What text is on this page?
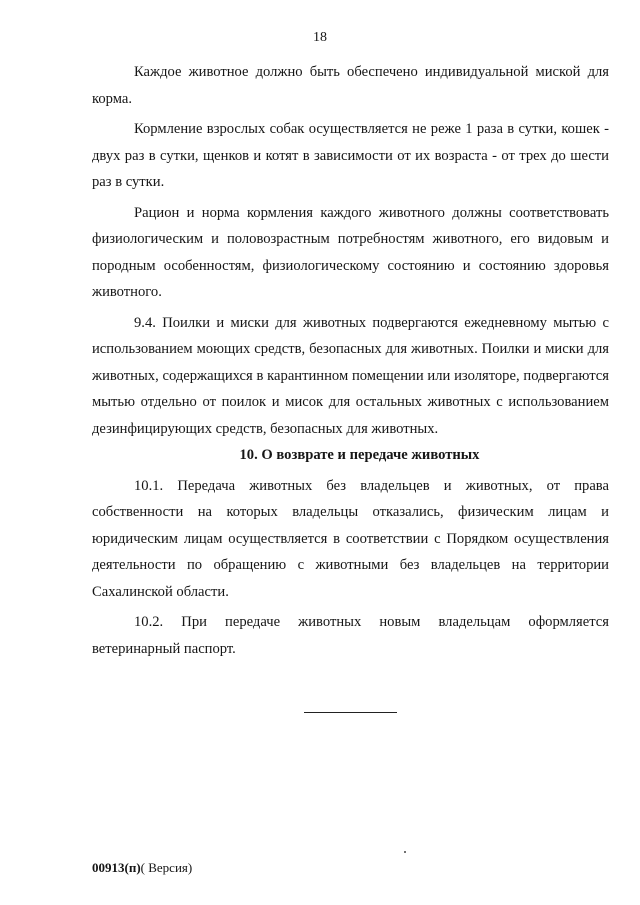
18

Каждое животное должно быть обеспечено индивидуальной миской для корма.

Кормление взрослых собак осуществляется не реже 1 раза в сутки, кошек - двух раз в сутки, щенков и котят в зависимости от их возраста - от трех до шести раз в сутки.

Рацион и норма кормления каждого животного должны соответствовать физиологическим и половозрастным потребностям животного, его видовым и породным особенностям, физиологическому состоянию и состоянию здоровья животного.

9.4. Поилки и миски для животных подвергаются ежедневному мытью с использованием моющих средств, безопасных для животных. Поилки и миски для животных, содержащихся в карантинном помещении или изоляторе, подвергаются мытью отдельно от поилок и мисок для остальных животных с использованием дезинфицирующих средств, безопасных для животных.

10. О возврате и передаче животных

10.1. Передача животных без владельцев и животных, от права собственности на которых владельцы отказались, физическим лицам и юридическим лицам осуществляется в соответствии с Порядком осуществления деятельности по обращению с животными без владельцев на территории Сахалинской области.

10.2. При передаче животных новым владельцам оформляется ветеринарный паспорт.

00913(п)( Версия)
